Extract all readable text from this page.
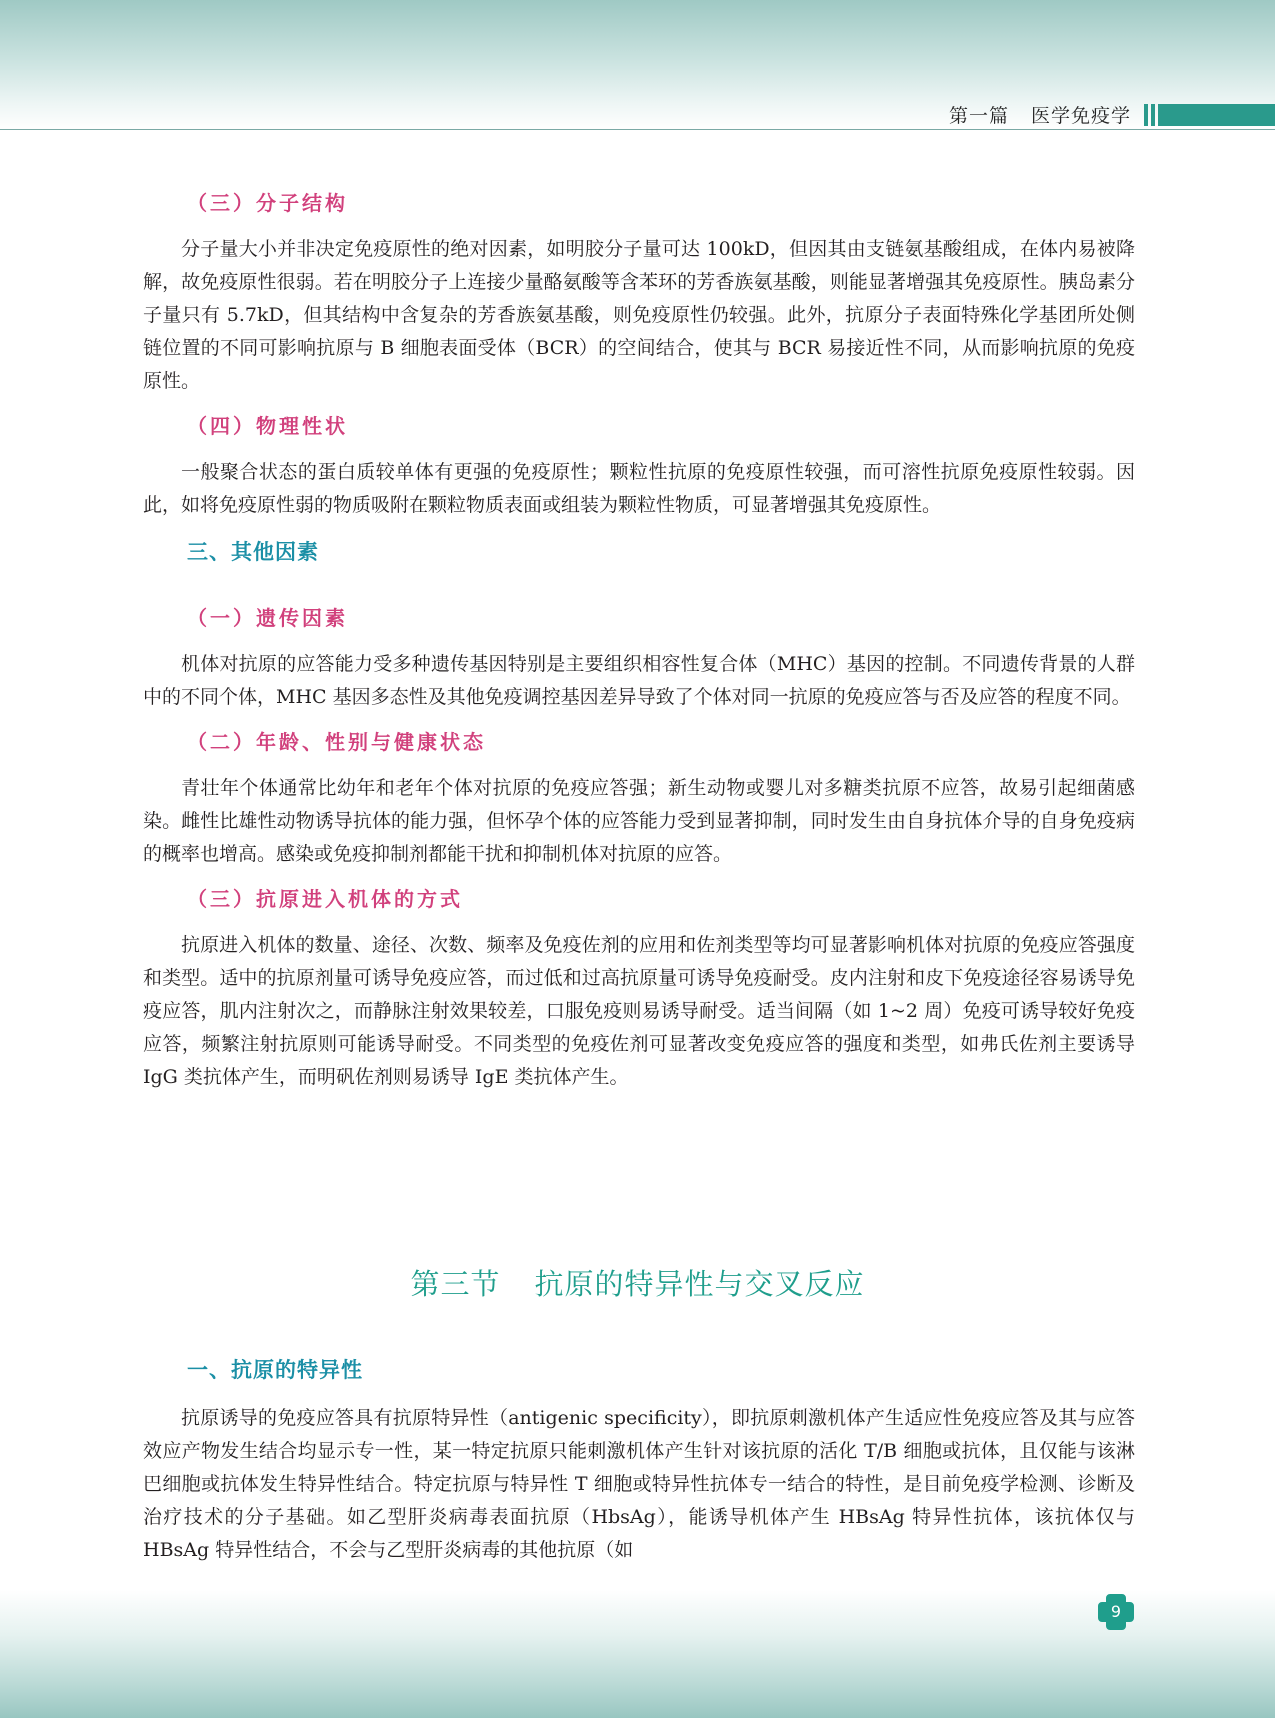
第一篇 医学免疫学
（三）分子结构

分子量大小并非决定免疫原性的绝对因素，如明胶分子量可达 100kD，但因其由支链氨基酸组成，在体内易被降解，故免疫原性很弱。若在明胶分子上连接少量酪氨酸等含苯环的芳香族氨基酸，则能显著增强其免疫原性。胰岛素分子量只有 5.7kD，但其结构中含复杂的芳香族氨基酸，则免疫原性仍较强。此外，抗原分子表面特殊化学基团所处侧链位置的不同可影响抗原与 B 细胞表面受体（BCR）的空间结合，使其与 BCR 易接近性不同，从而影响抗原的免疫原性。

（四）物理性状

一般聚合状态的蛋白质较单体有更强的免疫原性；颗粒性抗原的免疫原性较强，而可溶性抗原免疫原性较弱。因此，如将免疫原性弱的物质吸附在颗粒物质表面或组装为颗粒性物质，可显著增强其免疫原性。

三、其他因素
（一）遗传因素

机体对抗原的应答能力受多种遗传基因特别是主要组织相容性复合体（MHC）基因的控制。不同遗传背景的人群中的不同个体，MHC 基因多态性及其他免疫调控基因差异导致了个体对同一抗原的免疫应答与否及应答的程度不同。

（二）年龄、性别与健康状态

青壮年个体通常比幼年和老年个体对抗原的免疫应答强；新生动物或婴儿对多糖类抗原不应答，故易引起细菌感染。雌性比雄性动物诱导抗体的能力强，但怀孕个体的应答能力受到显著抑制，同时发生由自身抗体介导的自身免疫病的概率也增高。感染或免疫抑制剂都能干扰和抑制机体对抗原的应答。

（三）抗原进入机体的方式

抗原进入机体的数量、途径、次数、频率及免疫佐剂的应用和佐剂类型等均可显著影响机体对抗原的免疫应答强度和类型。适中的抗原剂量可诱导免疫应答，而过低和过高抗原量可诱导免疫耐受。皮内注射和皮下免疫途径容易诱导免疫应答，肌内注射次之，而静脉注射效果较差，口服免疫则易诱导耐受。适当间隔（如 1~2 周）免疫可诱导较好免疫应答，频繁注射抗原则可能诱导耐受。不同类型的免疫佐剂可显著改变免疫应答的强度和类型，如弗氏佐剂主要诱导 IgG 类抗体产生，而明矾佐剂则易诱导 IgE 类抗体产生。

第三节 抗原的特异性与交叉反应
一、抗原的特异性

抗原诱导的免疫应答具有抗原特异性（antigenic specificity），即抗原刺激机体产生适应性免疫应答及其与应答效应产物发生结合均显示专一性，某一特定抗原只能刺激机体产生针对该抗原的活化 T/B 细胞或抗体，且仅能与该淋巴细胞或抗体发生特异性结合。特定抗原与特异性 T 细胞或特异性抗体专一结合的特性，是目前免疫学检测、诊断及治疗技术的分子基础。如乙型肝炎病毒表面抗原（HbsAg），能诱导机体产生 HBsAg 特异性抗体，该抗体仅与 HBsAg 特异性结合，不会与乙型肝炎病毒的其他抗原（如

9
